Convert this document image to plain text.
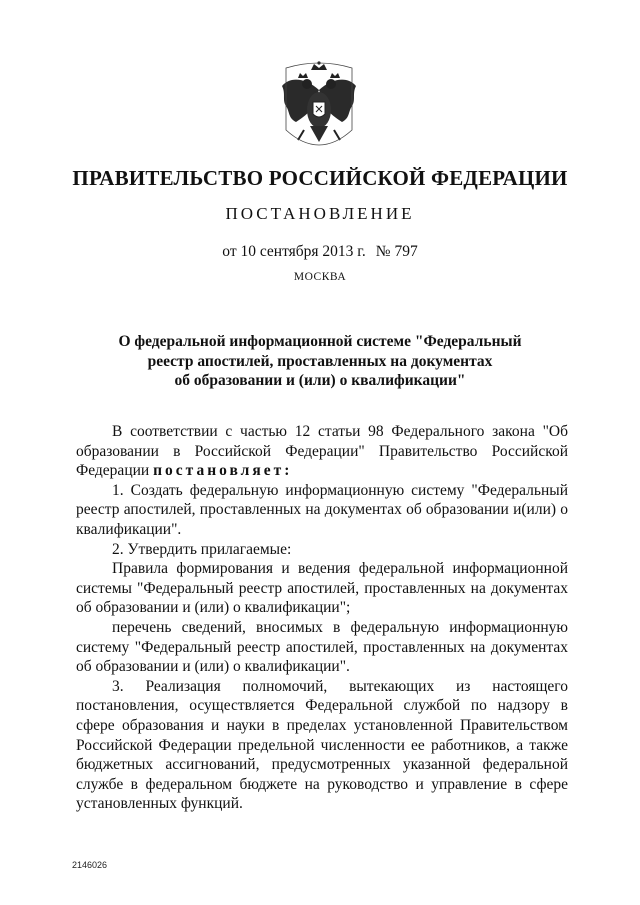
ПРАВИТЕЛЬСТВО РОССИЙСКОЙ ФЕДЕРАЦИИ
ПОСТАНОВЛЕНИЕ
от 10 сентября 2013 г. № 797
МОСКВА
О федеральной информационной системе "Федеральный
реестр апостилей, проставленных на документах
об образовании и (или) о квалификации"

В соответствии с частью 12 статьи 98 Федерального закона "Об образовании в Российской Федерации" Правительство Российской Федерации постановляет:

1. Создать федеральную информационную систему "Федеральный реестр апостилей, проставленных на документах об образовании и(или) о квалификации".

2. Утвердить прилагаемые:

Правила формирования и ведения федеральной информационной системы "Федеральный реестр апостилей, проставленных на документах об образовании и (или) о квалификации";

перечень сведений, вносимых в федеральную информационную систему "Федеральный реестр апостилей, проставленных на документах об образовании и (или) о квалификации".

3. Реализация полномочий, вытекающих из настоящего постановления, осуществляется Федеральной службой по надзору в сфере образования и науки в пределах установленной Правительством Российской Федерации предельной численности ее работников, а также бюджетных ассигнований, предусмотренных указанной федеральной службе в федеральном бюджете на руководство и управление в сфере установленных функций.

2146026
